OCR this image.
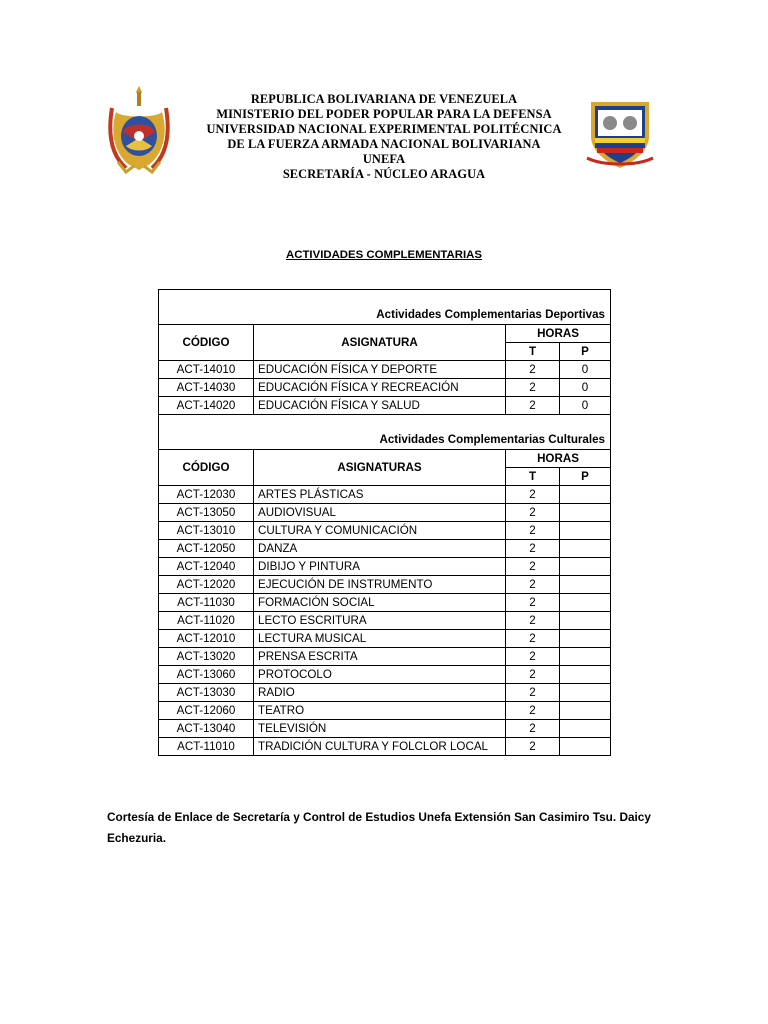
REPUBLICA BOLIVARIANA DE VENEZUELA
MINISTERIO DEL PODER POPULAR PARA LA DEFENSA
UNIVERSIDAD NACIONAL EXPERIMENTAL POLITÉCNICA
DE LA FUERZA ARMADA NACIONAL BOLIVARIANA
UNEFA
SECRETARÍA - NÚCLEO ARAGUA
ACTIVIDADES COMPLEMENTARIAS

Actividades Complementarias Deportivas			
CÓDIGO	ASIGNATURA	HORAS	
		T	P
ACT-14010	EDUCACIÓN FÍSICA Y DEPORTE	2	0
ACT-14030	EDUCACIÓN FÍSICA Y RECREACIÓN	2	0
ACT-14020	EDUCACIÓN FÍSICA Y SALUD	2	0

Actividades Complementarias Culturales			
CÓDIGO	ASIGNATURAS	HORAS	
		T	P
ACT-12030	ARTES PLÁSTICAS	2	
ACT-13050	AUDIOVISUAL	2	
ACT-13010	CULTURA Y COMUNICACIÓN	2	
ACT-12050	DANZA	2	
ACT-12040	DIBIJO Y PINTURA	2	
ACT-12020	EJECUCIÓN DE INSTRUMENTO	2	
ACT-11030	FORMACIÓN SOCIAL	2	
ACT-11020	LECTO ESCRITURA	2	
ACT-12010	LECTURA MUSICAL	2	
ACT-13020	PRENSA ESCRITA	2	
ACT-13060	PROTOCOLO	2	
ACT-13030	RADIO	2	
ACT-12060	TEATRO	2	
ACT-13040	TELEVISIÓN	2	
ACT-11010	TRADICIÓN CULTURA Y FOLCLOR LOCAL	2	
Cortesía de Enlace de Secretaría y Control de Estudios Unefa Extensión San Casimiro Tsu. Daicy Echezuria.
